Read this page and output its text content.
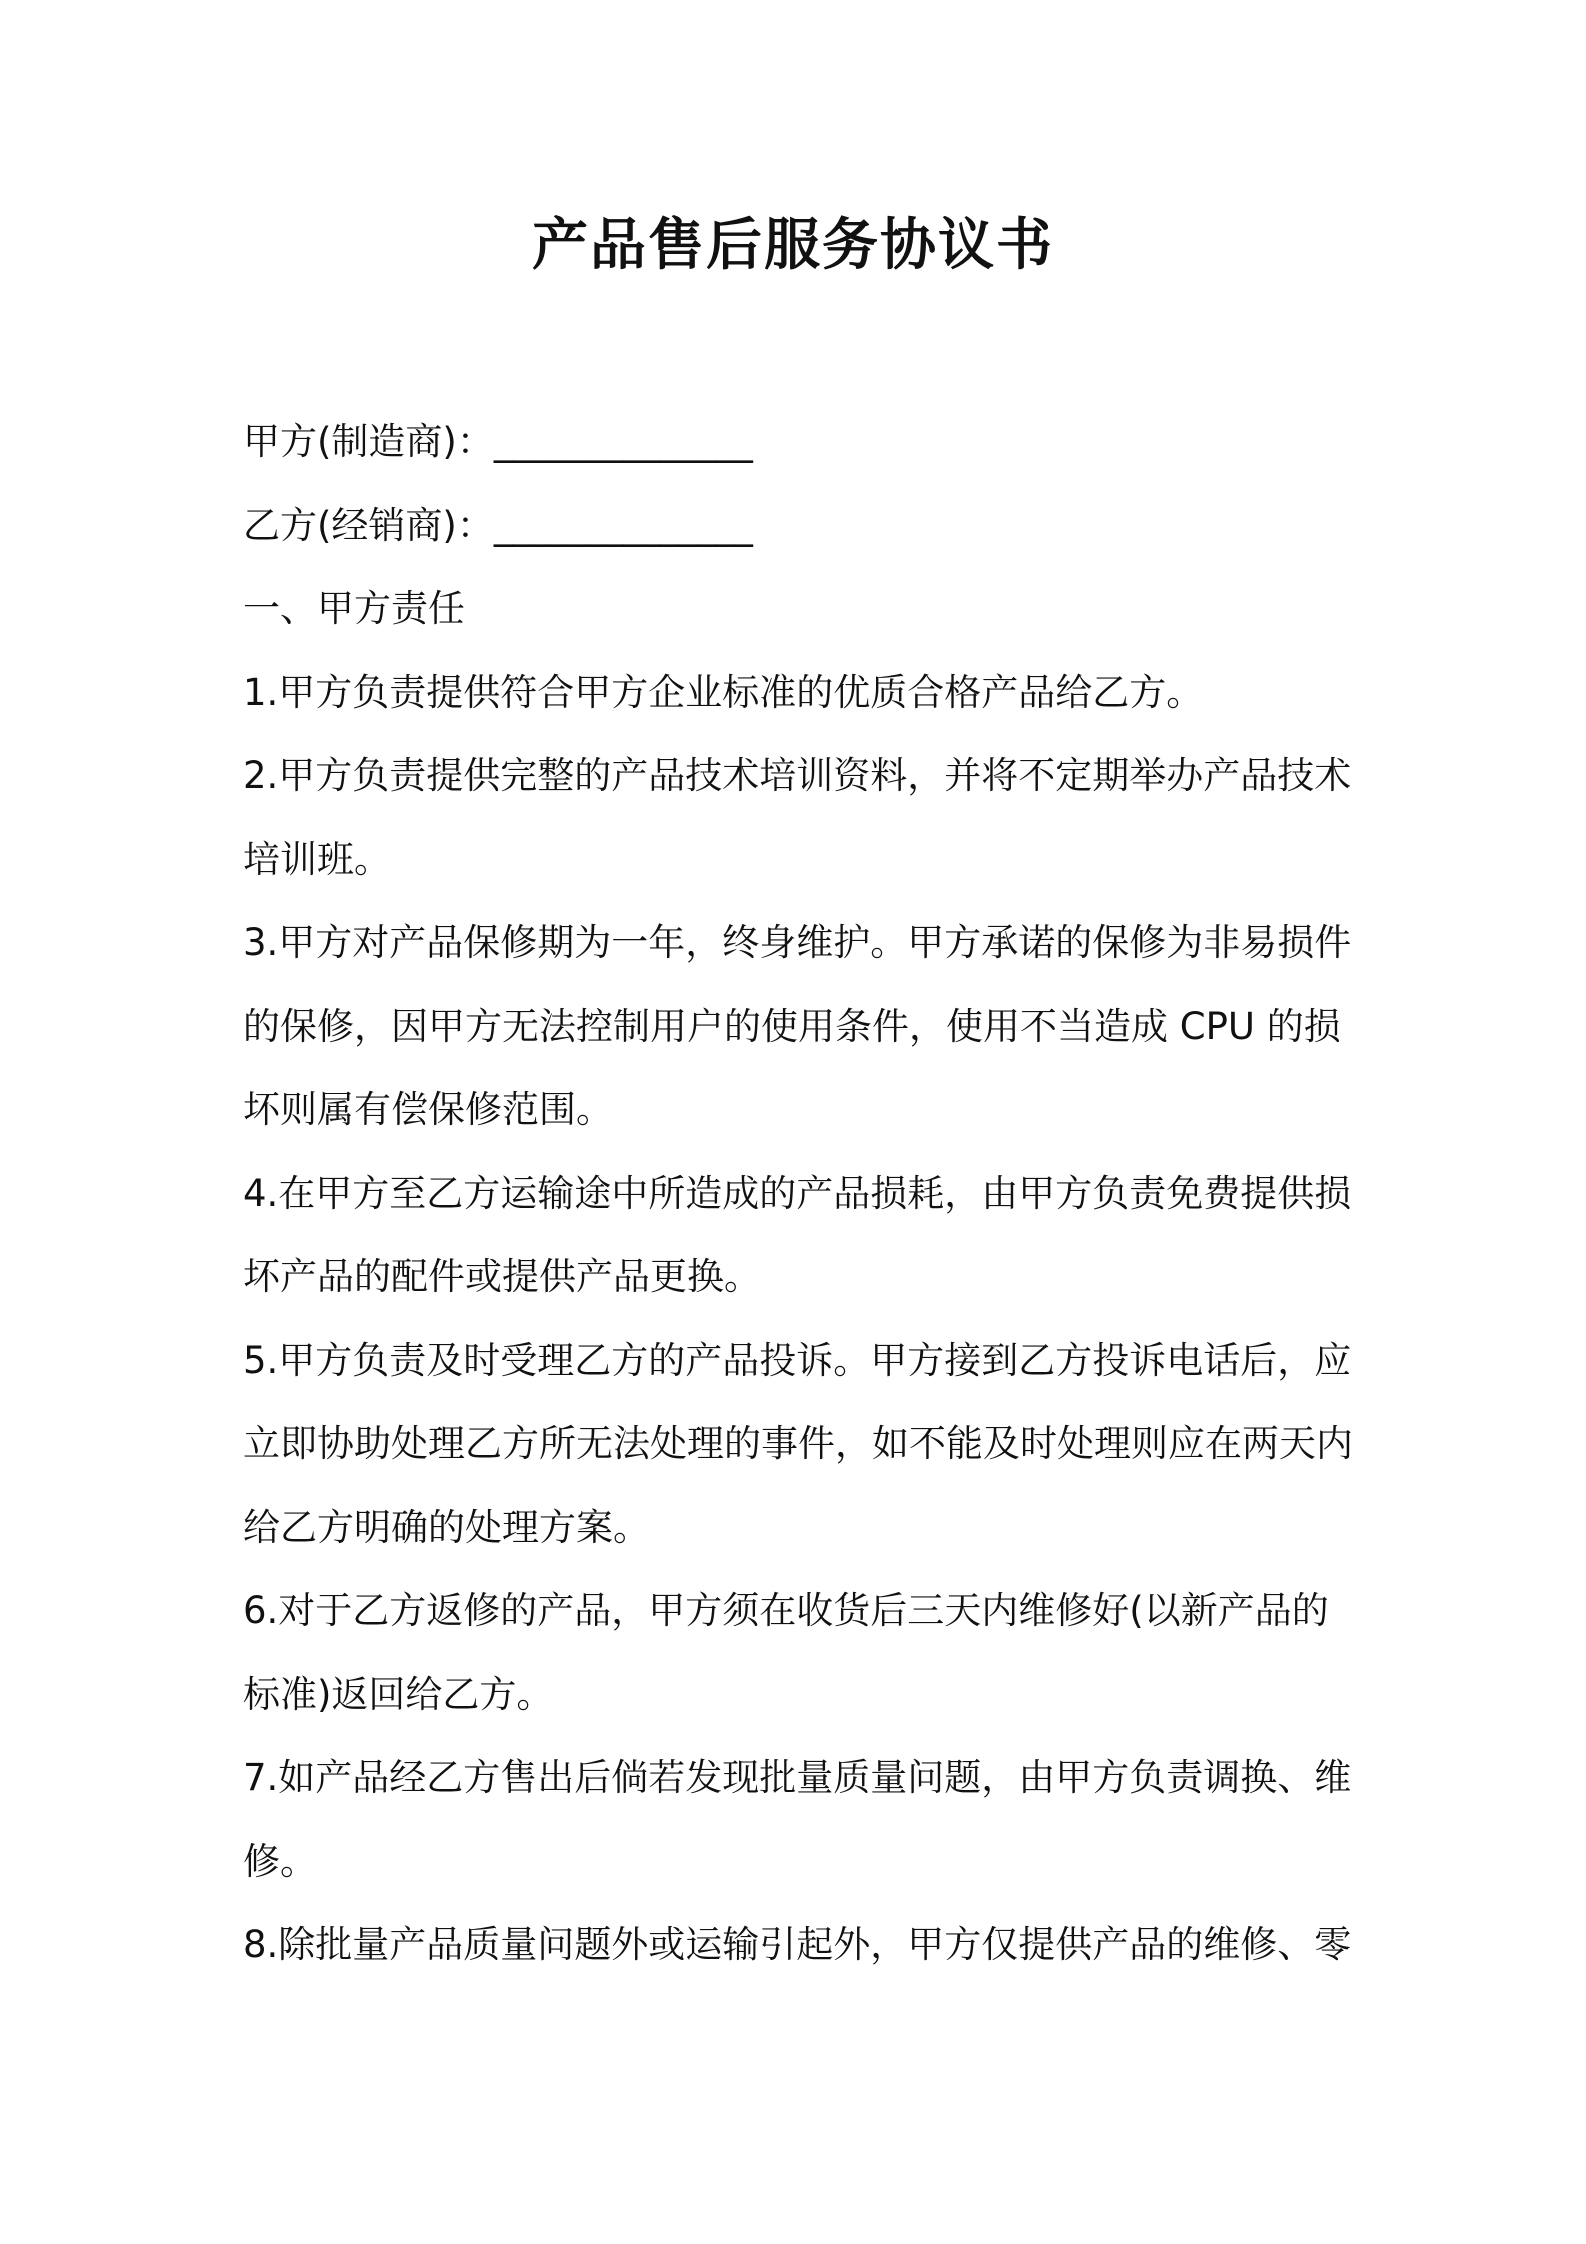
产品售后服务协议书
甲方(制造商)：______________
乙方(经销商)：______________
一、甲方责任
1.甲方负责提供符合甲方企业标准的优质合格产品给乙方。
2.甲方负责提供完整的产品技术培训资料，并将不定期举办产品技术
培训班。
3.甲方对产品保修期为一年，终身维护。甲方承诺的保修为非易损件
的保修，因甲方无法控制用户的使用条件，使用不当造成 CPU 的损
坏则属有偿保修范围。
4.在甲方至乙方运输途中所造成的产品损耗，由甲方负责免费提供损
坏产品的配件或提供产品更换。
5.甲方负责及时受理乙方的产品投诉。甲方接到乙方投诉电话后，应
立即协助处理乙方所无法处理的事件，如不能及时处理则应在两天内
给乙方明确的处理方案。
6.对于乙方返修的产品，甲方须在收货后三天内维修好(以新产品的
标准)返回给乙方。
7.如产品经乙方售出后倘若发现批量质量问题，由甲方负责调换、维
修。
8.除批量产品质量问题外或运输引起外，甲方仅提供产品的维修、零
